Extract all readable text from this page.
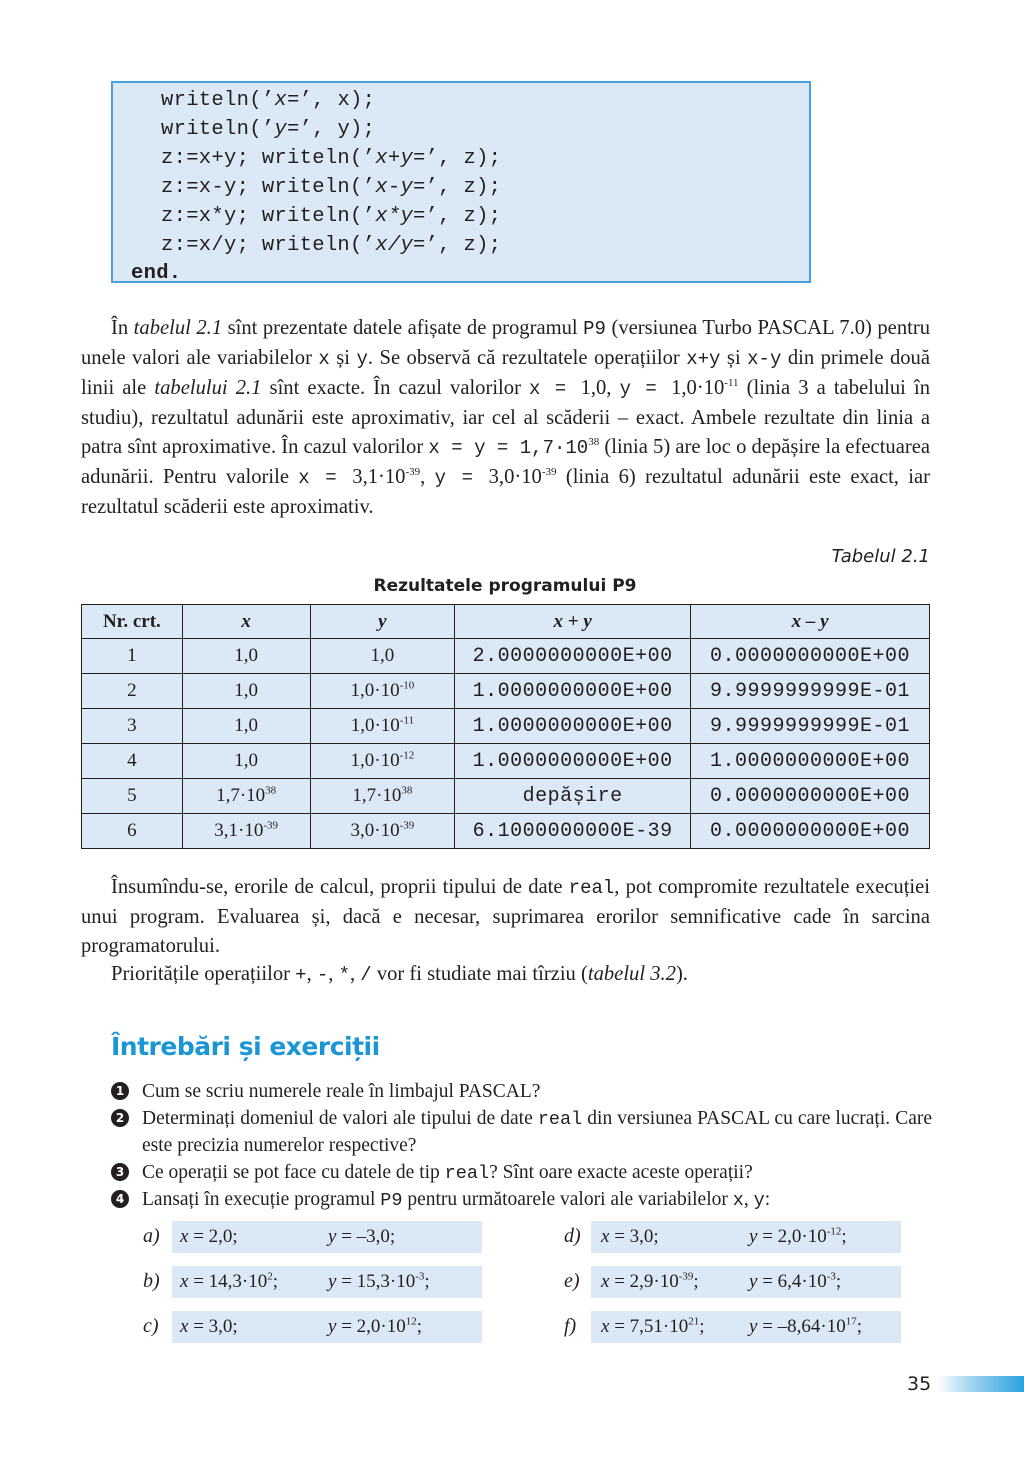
writeln(’x=’, x);
writeln(’y=’, y);
z:=x+y; writeln(’x+y=’, z);
z:=x-y; writeln(’x-y=’, z);
z:=x*y; writeln(’x*y=’, z);
z:=x/y; writeln(’x/y=’, z);
end.
În tabelul 2.1 sînt prezentate datele afișate de programul P9 (versiunea Turbo PASCAL 7.0) pentru unele valori ale variabilelor x și y. Se observă că rezultatele operațiilor x+y și x-y din primele două linii ale tabelului 2.1 sînt exacte. În cazul valorilor x = 1,0, $y = 1,0\cdot 10^{-11}$ (linia 3 a tabelului în studiu), rezultatul adunării este aproximativ, iar cel al scăderii – exact. Ambele rezultate din linia a patra sînt aproximative. În cazul valorilor $x = y = 1,7\cdot 10^{38}$ (linia 5) are loc o depășire la efectuarea adunării. Pentru valorile $x = 3,1\cdot 10^{-39}$, $y = 3,0\cdot 10^{-39}$ (linia 6) rezultatul adunării este exact, iar rezultatul scăderii este aproximativ.
Tabelul 2.1
Rezultatele programului P9
Nr. crt.	x	y	x + y	x – y
1	1,0	1,0	2.0000000000E+00	0.0000000000E+00
2	1,0	$1,0\cdot 10^{-10}$	1.0000000000E+00	9.9999999999E-01
3	1,0	$1,0\cdot 10^{-11}$	1.0000000000E+00	9.9999999999E-01
4	1,0	$1,0\cdot 10^{-12}$	1.0000000000E+00	1.0000000000E+00
5	$1,7\cdot 10^{38}$	$1,7\cdot 10^{38}$	depășire	0.0000000000E+00
6	$3,1\cdot 10^{-39}$	$3,0\cdot 10^{-39}$	6.1000000000E-39	0.0000000000E+00
Însumîndu-se, erorile de calcul, proprii tipului de date real, pot compromite rezultatele execuției unui program. Evaluarea și, dacă e necesar, suprimarea erorilor semnificative cade în sarcina programatorului.
Prioritățile operațiilor +, -, *, / vor fi studiate mai tîrziu (tabelul 3.2).
Întrebări și exerciții
1 Cum se scriu numerele reale în limbajul PASCAL?
2 Determinați domeniul de valori ale tipului de date real din versiunea PASCAL cu care lucrați. Care este precizia numerelor respective?
3 Ce operații se pot face cu datele de tip real? Sînt oare exacte aceste operații?
4 Lansați în execuție programul P9 pentru următoarele valori ale variabilelor x, y:
a) x = 2,0;	y = –3,0;
b) $x = 14,3\cdot 10^2$;	$y = 15,3\cdot 10^{-3}$;
c) x = 3,0;	$y = 2,0\cdot 10^{12}$;
d) x = 3,0;	$y = 2,0\cdot 10^{-12}$;
e) $x = 2,9\cdot 10^{-39}$;	$y = 6,4\cdot 10^{-3}$;
f) $x = 7,51\cdot 10^{21}$; $y = -8,64\cdot 10^{17}$;
35
